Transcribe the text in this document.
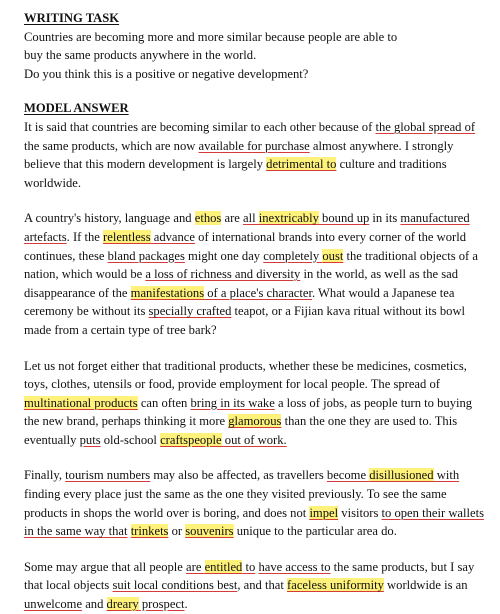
WRITING TASK
Countries are becoming more and more similar because people are able to
buy the same products anywhere in the world.
Do you think this is a positive or negative development?
MODEL ANSWER
It is said that countries are becoming similar to each other because of the global spread of
the same products, which are now available for purchase almost anywhere. I strongly
believe that this modern development is largely detrimental to culture and traditions
worldwide.
A country's history, language and ethos are all inextricably bound up in its manufactured
artefacts. If the relentless advance of international brands into every corner of the world
continues, these bland packages might one day completely oust the traditional objects of a
nation, which would be a loss of richness and diversity in the world, as well as the sad
disappearance of the manifestations of a place's character. What would a Japanese tea
ceremony be without its specially crafted teapot, or a Fijian kava ritual without its bowl
made from a certain type of tree bark?
Let us not forget either that traditional products, whether these be medicines, cosmetics,
toys, clothes, utensils or food, provide employment for local people. The spread of
multinational products can often bring in its wake a loss of jobs, as people turn to buying
the new brand, perhaps thinking it more glamorous than the one they are used to. This
eventually puts old-school craftspeople out of work.
Finally, tourism numbers may also be affected, as travellers become disillusioned with
finding every place just the same as the one they visited previously. To see the same
products in shops the world over is boring, and does not impel visitors to open their wallets
in the same way that trinkets or souvenirs unique to the particular area do.
Some may argue that all people are entitled to have access to the same products, but I say
that local objects suit local conditions best, and that faceless uniformity worldwide is an
unwelcome and dreary prospect.
